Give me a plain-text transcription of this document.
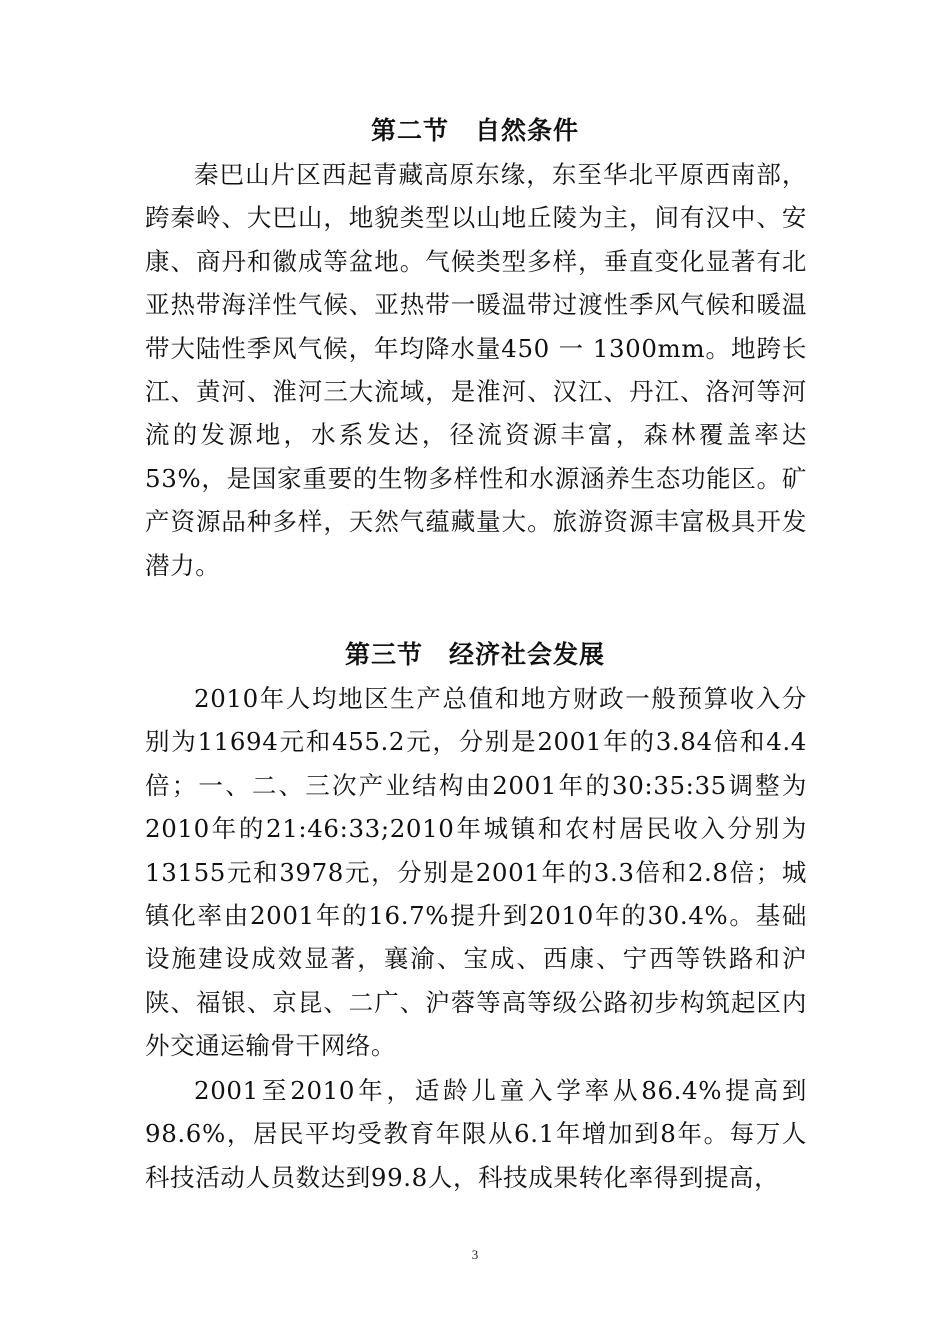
第二节　自然条件

秦巴山片区西起青藏高原东缘，东至华北平原西南部，跨秦岭、大巴山，地貌类型以山地丘陵为主，间有汉中、安康、商丹和徽成等盆地。气候类型多样，垂直变化显著有北亚热带海洋性气候、亚热带一暖温带过渡性季风气候和暖温带大陆性季风气候，年均降水量450 一 1300mm。地跨长江、黄河、淮河三大流域，是淮河、汉江、丹江、洛河等河流的发源地，水系发达，径流资源丰富，森林覆盖率达53%，是国家重要的生物多样性和水源涵养生态功能区。矿产资源品种多样，天然气蕴藏量大。旅游资源丰富极具开发潜力。

第三节　经济社会发展

2010年人均地区生产总值和地方财政一般预算收入分别为11694元和455.2元，分别是2001年的3.84倍和4.4倍；一、二、三次产业结构由2001年的30:35:35调整为2010年的21:46:33;2010年城镇和农村居民收入分别为13155元和3978元，分别是2001年的3.3倍和2.8倍；城镇化率由2001年的16.7%提升到2010年的30.4%。基础设施建设成效显著，襄渝、宝成、西康、宁西等铁路和沪陕、福银、京昆、二广、沪蓉等高等级公路初步构筑起区内外交通运输骨干网络。

2001至2010年，适龄儿童入学率从86.4%提高到98.6%，居民平均受教育年限从6.1年增加到8年。每万人科技活动人员数达到99.8人，科技成果转化率得到提高，

3
